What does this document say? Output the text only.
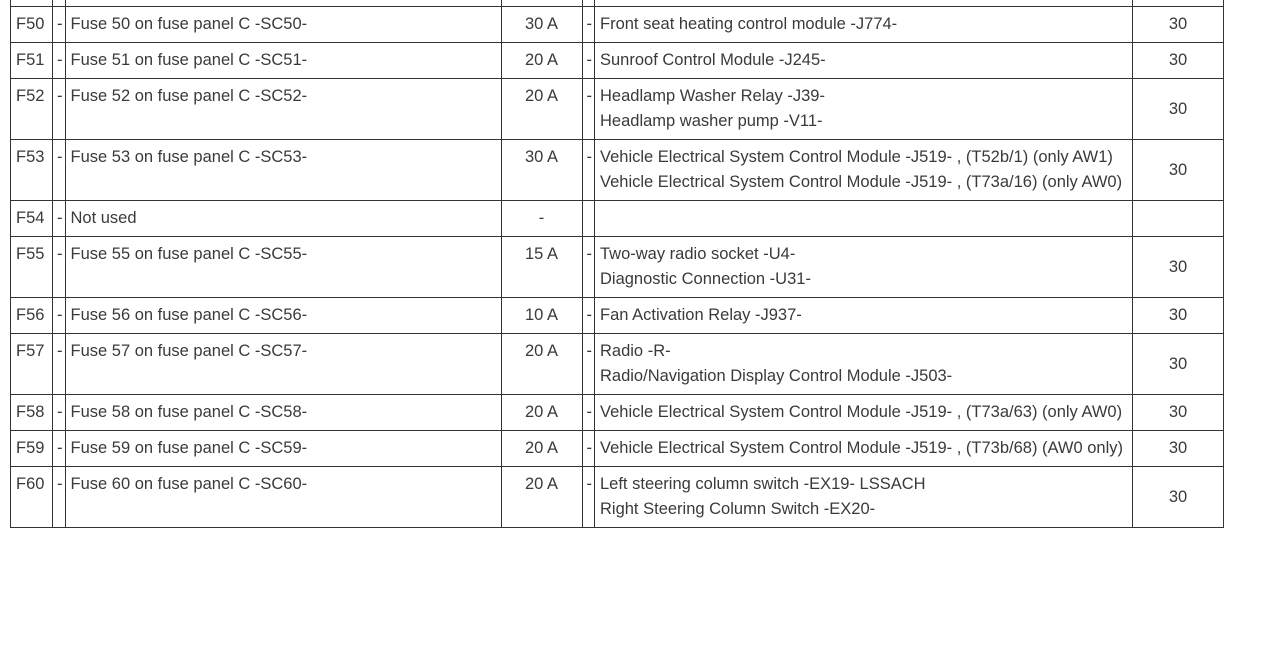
F50	-	Fuse 50 on fuse panel C -SC50-	30 A	-	Front seat heating control module -J774-	30
F51	-	Fuse 51 on fuse panel C -SC51-	20 A	-	Sunroof Control Module -J245-	30
F52	-	Fuse 52 on fuse panel C -SC52-	20 A	-	Headlamp Washer Relay -J39-
Headlamp washer pump -V11-	30
F53	-	Fuse 53 on fuse panel C -SC53-	30 A	-	Vehicle Electrical System Control Module -J519- , (T52b/1) (only AW1)
Vehicle Electrical System Control Module -J519- , (T73a/16) (only AW0)	30
F54	-	Not used	-			
F55	-	Fuse 55 on fuse panel C -SC55-	15 A	-	Two-way radio socket -U4-
Diagnostic Connection -U31-	30
F56	-	Fuse 56 on fuse panel C -SC56-	10 A	-	Fan Activation Relay -J937-	30
F57	-	Fuse 57 on fuse panel C -SC57-	20 A	-	Radio -R-
Radio/Navigation Display Control Module -J503-	30
F58	-	Fuse 58 on fuse panel C -SC58-	20 A	-	Vehicle Electrical System Control Module -J519- , (T73a/63) (only AW0)	30
F59	-	Fuse 59 on fuse panel C -SC59-	20 A	-	Vehicle Electrical System Control Module -J519- , (T73b/68) (AW0 only)	30
F60	-	Fuse 60 on fuse panel C -SC60-	20 A	-	Left steering column switch -EX19- LSSACH
Right Steering Column Switch -EX20-	30
